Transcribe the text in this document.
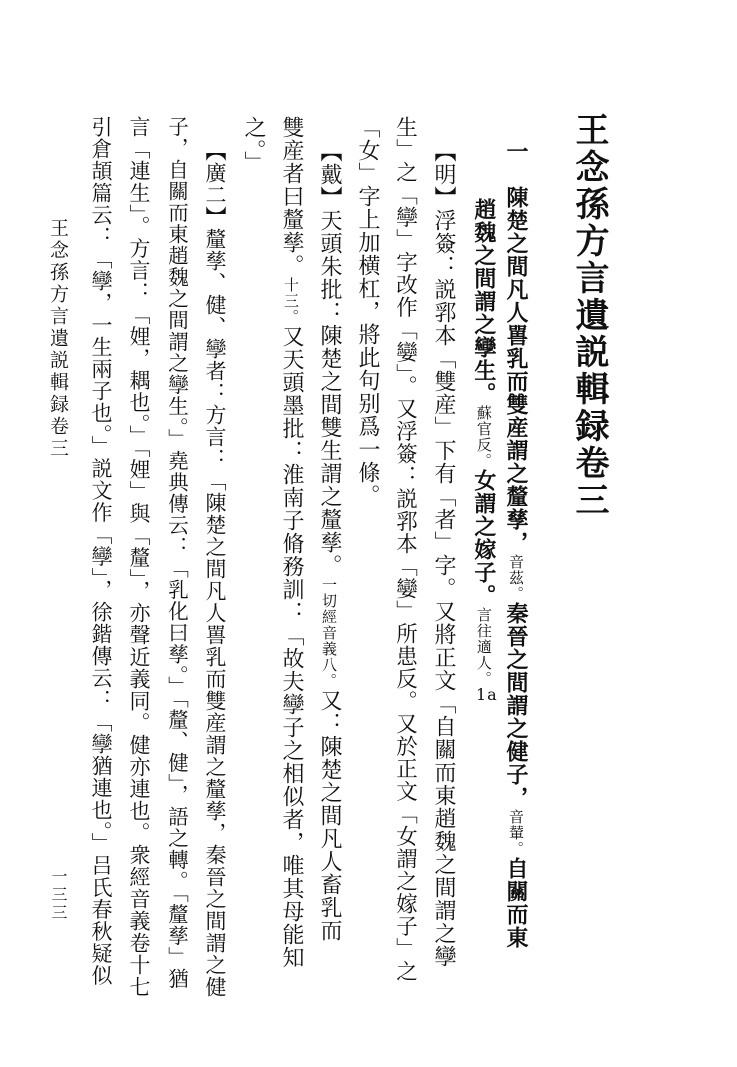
王念孫方言遺説輯録卷三
一　陳楚之間凡人嘼乳而雙産謂之釐孳，音茲。秦晉之間謂之健子，音輦。自關而東
趙魏之間謂之孿生。蘇官反。女謂之嫁子。言往適人。1a
【明】浮簽：説郛本「雙産」下有「者」字。又將正文「自關而東趙魏之間謂之孿
生」之「孿」字改作「孌」。又浮簽：説郛本「孌」所患反。又於正文「女謂之嫁子」之
「女」字上加横杠，將此句别爲一條。
【戴】天頭朱批：陳楚之間雙生謂之釐孳。一切經音義八。又：陳楚之間凡人畜乳而
雙産者曰釐孳。十三。又天頭墨批：淮南子脩務訓：「故夫孿子之相似者，唯其母能知
之。」
【廣二】釐孳、健、孿者：方言：「陳楚之間凡人嘼乳而雙産謂之釐孳，秦晉之間謂之健
子，自關而東趙魏之間謂之孿生。」堯典傳云：「乳化曰孳。」「釐、健」，語之轉。「釐孳」猶
言「連生」。方言：「娌，耦也。」「娌」與「釐」，亦聲近義同。健亦連也。衆經音義卷十七
引倉頡篇云：「孿，一生兩子也。」説文作「孿」，徐鍇傳云：「孿猶連也。」吕氏春秋疑似
王念孫方言遺説輯録卷三
一三三
